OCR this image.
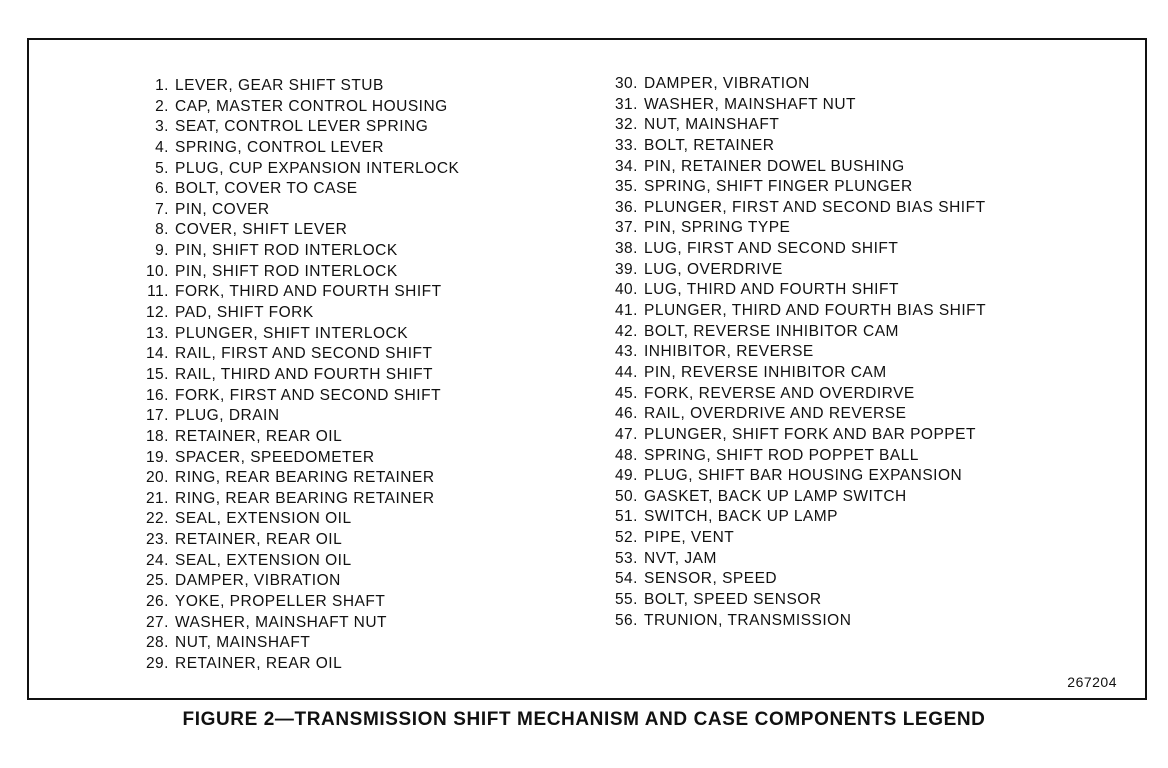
1. LEVER, GEAR SHIFT STUB
2. CAP, MASTER CONTROL HOUSING
3. SEAT, CONTROL LEVER SPRING
4. SPRING, CONTROL LEVER
5. PLUG, CUP EXPANSION INTERLOCK
6. BOLT, COVER TO CASE
7. PIN, COVER
8. COVER, SHIFT LEVER
9. PIN, SHIFT ROD INTERLOCK
10. PIN, SHIFT ROD INTERLOCK
11. FORK, THIRD AND FOURTH SHIFT
12. PAD, SHIFT FORK
13. PLUNGER, SHIFT INTERLOCK
14. RAIL, FIRST AND SECOND SHIFT
15. RAIL, THIRD AND FOURTH SHIFT
16. FORK, FIRST AND SECOND SHIFT
17. PLUG, DRAIN
18. RETAINER, REAR OIL
19. SPACER, SPEEDOMETER
20. RING, REAR BEARING RETAINER
21. RING, REAR BEARING RETAINER
22. SEAL, EXTENSION OIL
23. RETAINER, REAR OIL
24. SEAL, EXTENSION OIL
25. DAMPER, VIBRATION
26. YOKE, PROPELLER SHAFT
27. WASHER, MAINSHAFT NUT
28. NUT, MAINSHAFT
29. RETAINER, REAR OIL
30. DAMPER, VIBRATION
31. WASHER, MAINSHAFT NUT
32. NUT, MAINSHAFT
33. BOLT, RETAINER
34. PIN, RETAINER DOWEL BUSHING
35. SPRING, SHIFT FINGER PLUNGER
36. PLUNGER, FIRST AND SECOND BIAS SHIFT
37. PIN, SPRING TYPE
38. LUG, FIRST AND SECOND SHIFT
39. LUG, OVERDRIVE
40. LUG, THIRD AND FOURTH SHIFT
41. PLUNGER, THIRD AND FOURTH BIAS SHIFT
42. BOLT, REVERSE INHIBITOR CAM
43. INHIBITOR, REVERSE
44. PIN, REVERSE INHIBITOR CAM
45. FORK, REVERSE AND OVERDIRVE
46. RAIL, OVERDRIVE AND REVERSE
47. PLUNGER, SHIFT FORK AND BAR POPPET
48. SPRING, SHIFT ROD POPPET BALL
49. PLUG, SHIFT BAR HOUSING EXPANSION
50. GASKET, BACK UP LAMP SWITCH
51. SWITCH, BACK UP LAMP
52. PIPE, VENT
53. NVT, JAM
54. SENSOR, SPEED
55. BOLT, SPEED SENSOR
56. TRUNION, TRANSMISSION
267204
FIGURE 2—TRANSMISSION SHIFT MECHANISM AND CASE COMPONENTS LEGEND
